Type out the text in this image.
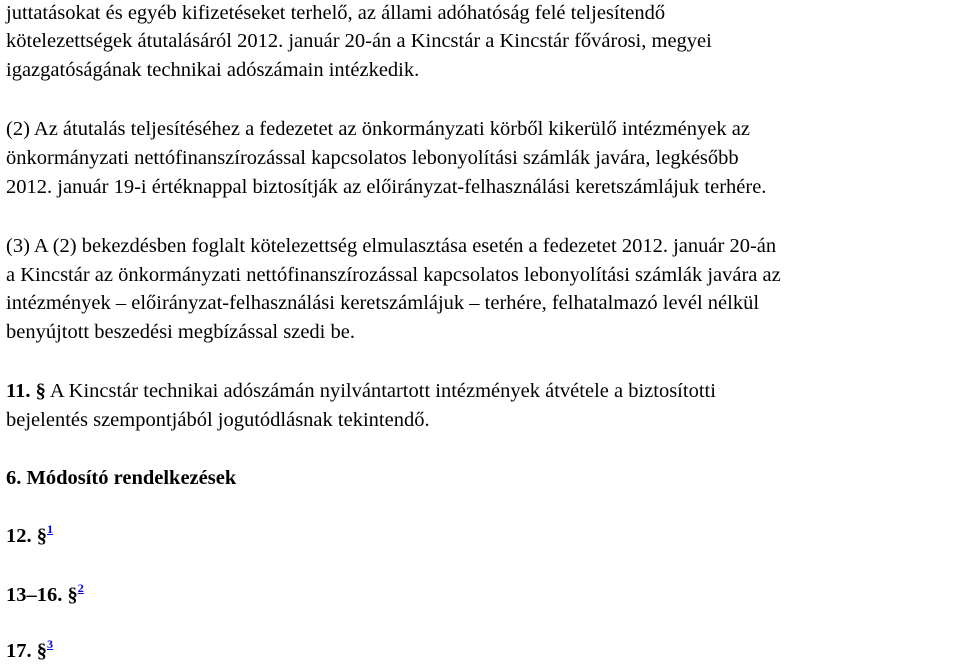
juttatásokat és egyéb kifizetéseket terhelő, az állami adóhatóság felé teljesítendő
kötelezettségek átutalásáról 2012. január 20-án a Kincstár a Kincstár fővárosi, megyei
igazgatóságának technikai adószámain intézkedik.
(2) Az átutalás teljesítéséhez a fedezetet az önkormányzati körből kikerülő intézmények az
önkormányzati nettófinanszírozással kapcsolatos lebonyolítási számlák javára, legkésőbb
2012. január 19-i értéknappal biztosítják az előirányzat-felhasználási keretszámlájuk terhére.
(3) A (2) bekezdésben foglalt kötelezettség elmulasztása esetén a fedezetet 2012. január 20-án
a Kincstár az önkormányzati nettófinanszírozással kapcsolatos lebonyolítási számlák javára az
intézmények – előirányzat-felhasználási keretszámlájuk – terhére, felhatalmazó levél nélkül
benyújtott beszedési megbízással szedi be.
11. § A Kincstár technikai adószámán nyilvántartott intézmények átvétele a biztosítotti
bejelentés szempontjából jogutódlásnak tekintendő.
6. Módosító rendelkezések
12. §$^1$
13–16. §$^2$
17. §$^3$
